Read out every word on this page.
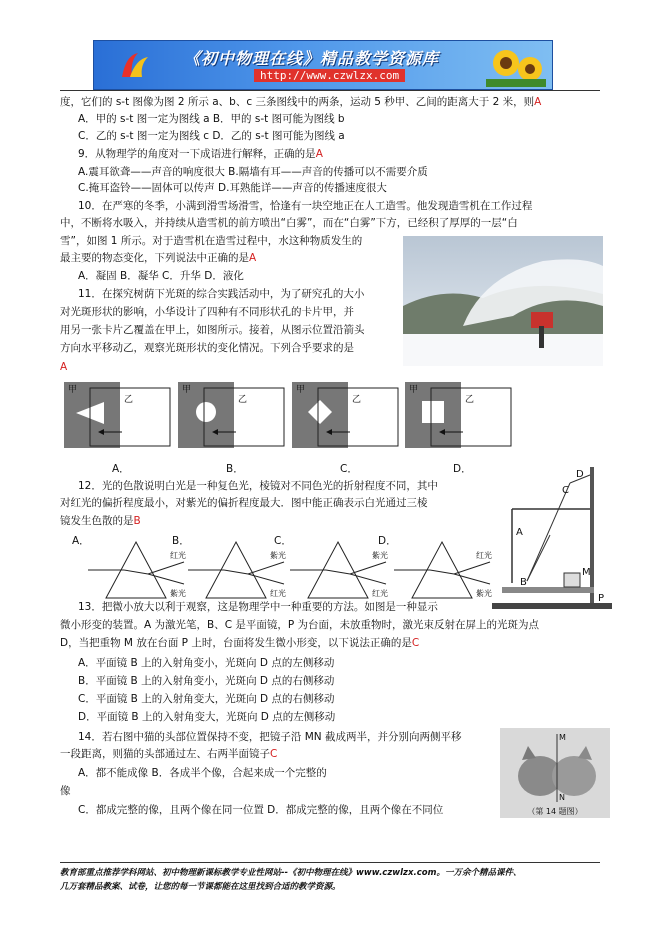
《初中物理在线》精品教学资源库
http://www.czwlzx.com
度，它们的 s-t 图像为图 2 所示 a、b、c 三条图线中的两条，运动 5 秒甲、乙间的距离大于 2 米，则A
A．甲的 s-t 图一定为图线 a B．甲的 s-t 图可能为图线 b
C．乙的 s-t 图一定为图线 c D．乙的 s-t 图可能为图线 a
9．从物理学的角度对一下成语进行解释，正确的是A
A.震耳欲聋——声音的响度很大 B.隔墙有耳——声音的传播可以不需要介质
C.掩耳盗铃——固体可以传声 D.耳熟能详——声音的传播速度很大
10．在严寒的冬季，小满到滑雪场滑雪，恰逢有一块空地正在人工造雪。他发现造雪机在工作过程
中，不断将水吸入，并持续从造雪机的前方喷出“白雾”，而在“白雾”下方，已经积了厚厚的一层“白
雪”，如图 1 所示。对于造雪机在造雪过程中，水这种物质发生的
最主要的物态变化，下列说法中正确的是A
A．凝固 B．凝华 C．升华 D．液化
11．在探究树荫下光斑的综合实践活动中，为了研究孔的大小
对光斑形状的影响，小华设计了四种有不同形状孔的卡片甲，并
用另一张卡片乙覆盖在甲上，如图所示。接着，从图示位置沿箭头
方向水平移动乙，观察光斑形状的变化情况。下列合乎要求的是
A
甲
乙
A．
甲
乙
B．
甲
乙
C．
甲
乙
D．
12．光的色散说明白光是一种复色光，棱镜对不同色光的折射程度不同，其中
对红光的偏折程度最小，对紫光的偏折程度最大．图中能正确表示白光通过三棱
镜发生色散的是B
A．
红光
紫光
B．
紫光
红光
C．
紫光
红光
D．
红光
紫光
D
C
A
B
M
P
13．把微小放大以利于观察，这是物理学中一种重要的方法。如图是一种显示
微小形变的装置。A 为激光笔，B、C 是平面镜，P 为台面，未放重物时，激光束反射在屏上的光斑为点
D，当把重物 M 放在台面 P 上时，台面将发生微小形变，以下说法正确的是C
A．平面镜 B 上的入射角变小，光斑向 D 点的左侧移动
B．平面镜 B 上的入射角变小，光斑向 D 点的右侧移动
C．平面镜 B 上的入射角变大，光斑向 D 点的右侧移动
D．平面镜 B 上的入射角变大，光斑向 D 点的左侧移动
14．若右图中猫的头部位置保持不变，把镜子沿 MN 截成两半，并分别向两侧平移
一段距离，则猫的头部通过左、右两半面镜子C
A．都不能成像 B．各成半个像，合起来成一个完整的
像
C．都成完整的像，且两个像在同一位置 D．都成完整的像，且两个像在不同位
M
N
（第 14 题图）
教育部重点推荐学科网站、初中物理新课标教学专业性网站--《初中物理在线》www.czwlzx.com。一万余个精品课件、
几万套精品教案、试卷，让您的每一节课都能在这里找到合适的教学资源。
